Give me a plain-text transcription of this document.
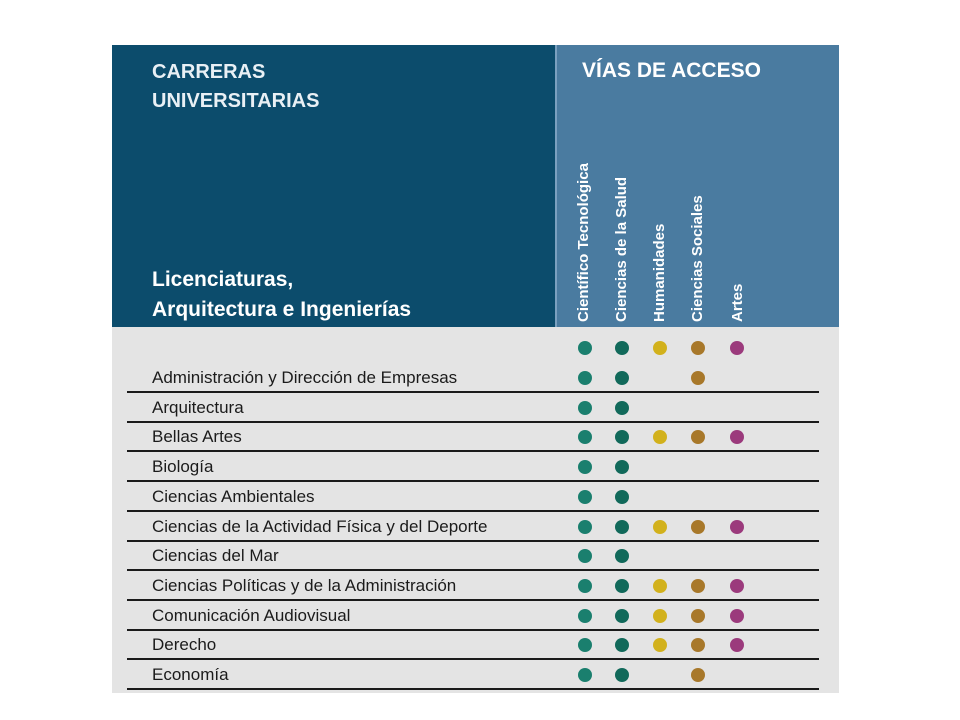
CARRERAS
UNIVERSITARIAS
Licenciaturas,
Arquitectura e Ingenierías
VÍAS DE ACCESO
Administración y Dirección de Empresas
Arquitectura
Bellas Artes
Biología
Ciencias Ambientales
Ciencias de la Actividad Física y del Deporte
Ciencias del Mar
Ciencias Políticas y de la Administración
Comunicación Audiovisual
Derecho
Economía
Científico Tecnológica Ciencias de la Salud Humanidades Ciencias Sociales Artes
